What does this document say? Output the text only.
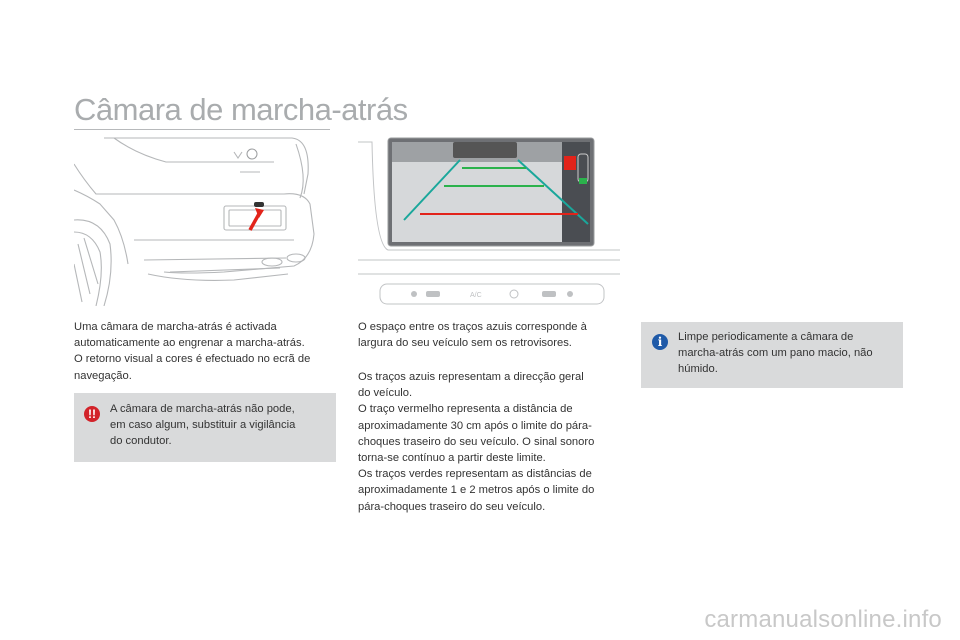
Câmara de marcha-atrás
A/C

Uma câmara de marcha-atrás é activada
automaticamente ao engrenar a marcha-atrás.
O retorno visual a cores é efectuado no ecrã de
navegação.

!!	A câmara de marcha-atrás não pode,
em caso algum, substituir a vigilância
do condutor.

O espaço entre os traços azuis corresponde à
largura do seu veículo sem os retrovisores.

Os traços azuis representam a direcção geral
do veículo.
O traço vermelho representa a distância de
aproximadamente 30 cm após o limite do pára-
choques traseiro do seu veículo. O sinal sonoro
torna-se contínuo a partir deste limite.
Os traços verdes representam as distâncias de
aproximadamente 1 e 2 metros após o limite do
pára-choques traseiro do seu veículo.

i	Limpe periodicamente a câmara de
marcha-atrás com um pano macio, não
húmido.
carmanualsonline.info
